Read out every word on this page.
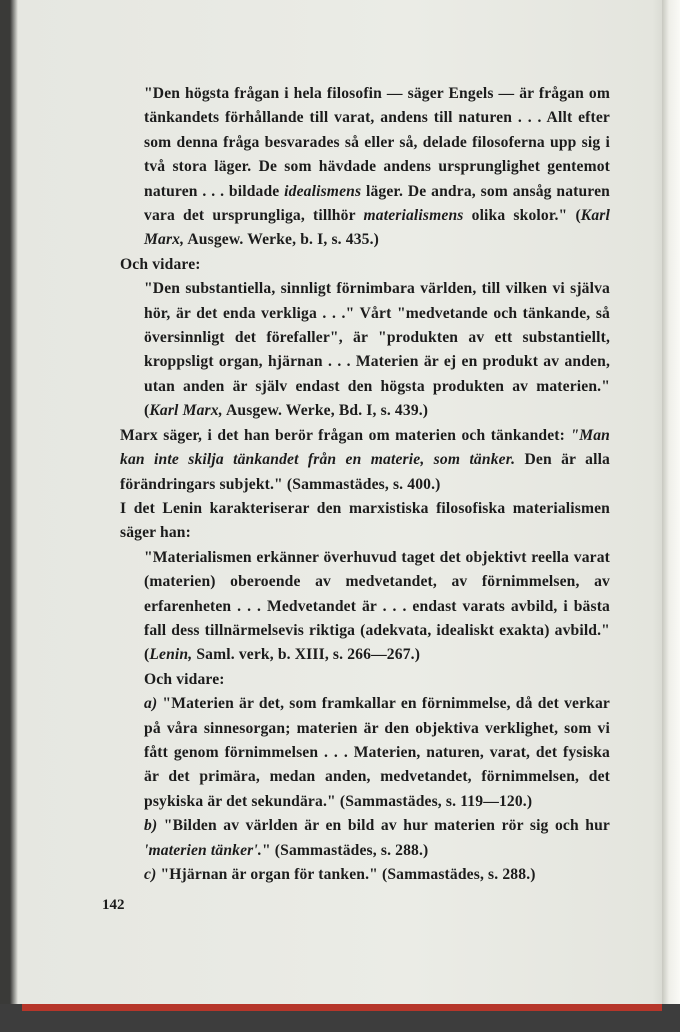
"Den högsta frågan i hela filosofin — säger Engels — är frågan om tänkandets förhållande till varat, andens till naturen . . . Allt efter som denna fråga besvarades så eller så, delade filosoferna upp sig i två stora läger. De som hävdade andens ursprunglighet gentemot naturen . . . bildade idealismens läger. De andra, som ansåg naturen vara det ursprungliga, tillhör materialismens olika skolor." (Karl Marx, Ausgew. Werke, b. I, s. 435.)

Och vidare:

"Den substantiella, sinnligt förnimbara världen, till vilken vi själva hör, är det enda verkliga . . ." Vårt "medvetande och tänkande, så översinnligt det förefaller", är "produkten av ett substantiellt, kroppsligt organ, hjärnan . . . Materien är ej en produkt av anden, utan anden är själv endast den högsta produkten av materien." (Karl Marx, Ausgew. Werke, Bd. I, s. 439.)

Marx säger, i det han berör frågan om materien och tänkandet: "Man kan inte skilja tänkandet från en materie, som tänker. Den är alla förändringars subjekt." (Sammastädes, s. 400.)

I det Lenin karakteriserar den marxistiska filosofiska materialismen säger han:

"Materialismen erkänner överhuvud taget det objektivt reella varat (materien) oberoende av medvetandet, av förnimmelsen, av erfarenheten . . . Medvetandet är . . . endast varats avbild, i bästa fall dess tillnärmelsevis riktiga (adekvata, idealiskt exakta) avbild." (Lenin, Saml. verk, b. XIII, s. 266—267.)

Och vidare:

a) "Materien är det, som framkallar en förnimmelse, då det verkar på våra sinnesorgan; materien är den objektiva verklighet, som vi fått genom förnimmelsen . . . Materien, naturen, varat, det fysiska är det primära, medan anden, medvetandet, förnimmelsen, det psykiska är det sekundära." (Sammastädes, s. 119—120.)

b) "Bilden av världen är en bild av hur materien rör sig och hur 'materien tänker'." (Sammastädes, s. 288.)

c) "Hjärnan är organ för tanken." (Sammastädes, s. 288.)

142
